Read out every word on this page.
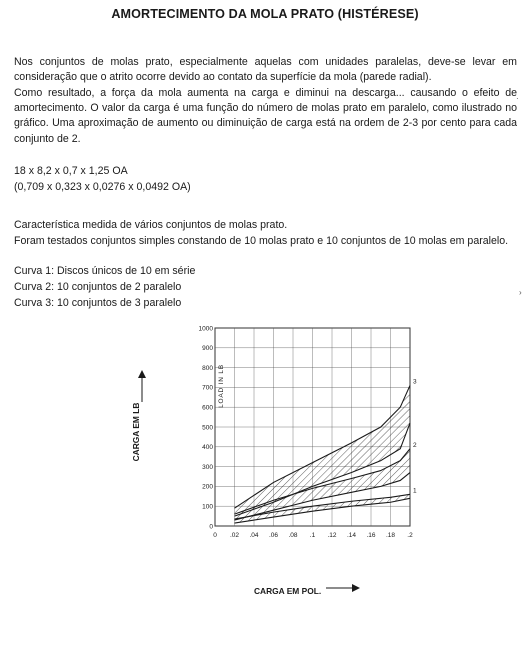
AMORTECIMENTO DA MOLA PRATO (HISTÉRESE)

Nos conjuntos de molas prato, especialmente aquelas com unidades paralelas, deve-se levar em consideração que o atrito ocorre devido ao contato da superfície da mola (parede radial).

Como resultado, a força da mola aumenta na carga e diminui na descarga... causando o efeito de amortecimento. O valor da carga é uma função do número de molas prato em paralelo, como ilustrado no gráfico. Uma aproximação de aumento ou diminuição de carga está na ordem de 2-3 por cento para cada conjunto de 2.

18 x 8,2 x 0,7 x 1,25 OA
(0,709 x 0,323 x 0,0276 x 0,0492 OA)
Característica medida de vários conjuntos de molas prato.
Foram testados conjuntos simples constando de 10 molas prato e 10 conjuntos de 10 molas em paralelo.
Curva 1: Discos únicos de 10 em série
Curva 2: 10 conjuntos de 2 paralelo
Curva 3: 10 conjuntos de 3 paralelo
CARGA EM LB
CARGA EM POL.
·
›
0 .02 .04 .06 .08 .1 .12 .14 .16 .18 .2
0
100
200
300
400
500
600
700
800
900
1000
LOAD IN LB
1
2
3
